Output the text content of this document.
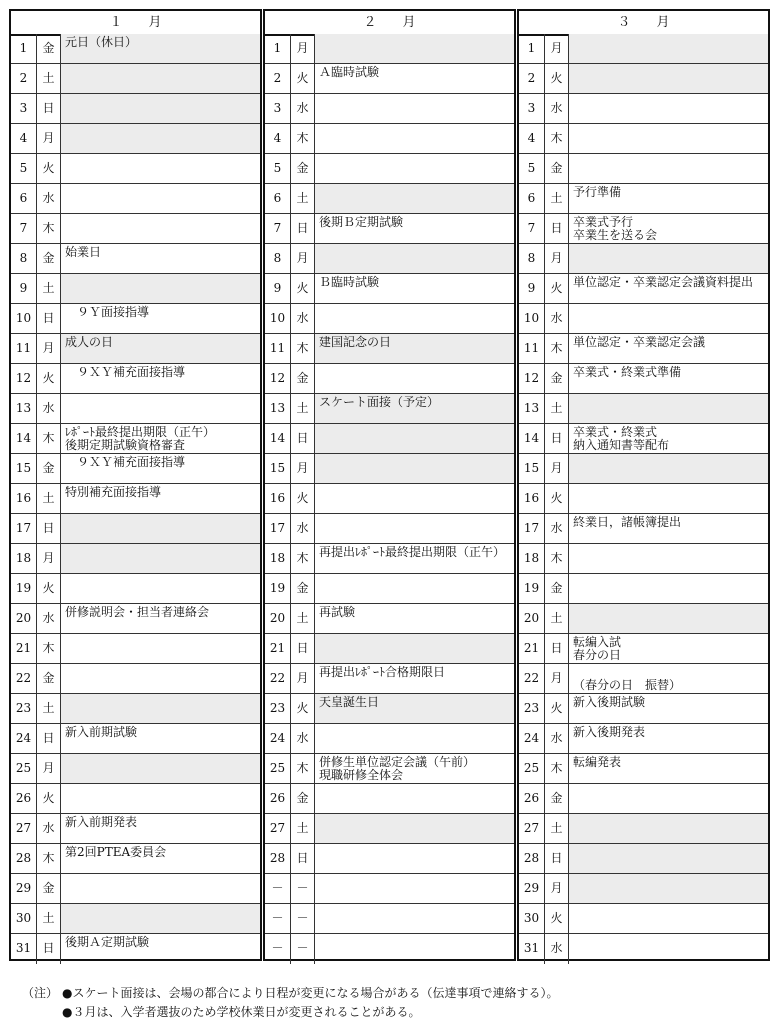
１　　月
1	金 元日（休日）
2	土
3	日
4	月
5	火
6	水
7	木
8	金 始業日
9	土
10 日 　９Ｙ面接指導
11 月 成人の日
12 火 　９ＸＹ補充面接指導
13 水
14 木 ﾚﾎﾟｰﾄ最終提出期限（正午）
後期定期試験資格審査
15 金 　９ＸＹ補充面接指導
16 土 特別補充面接指導
17 日
18 月
19 火
20 水 併修説明会・担当者連絡会
21 木
22 金
23 土
24 日 新入前期試験
25 月
26 火
27 水 新入前期発表
28 木 第2回PTEA委員会
29 金
30 土
31 日 後期Ａ定期試験
２　　月
1	月
2	火 Ａ臨時試験
3	水
4	木
5	金
6	土
7	日 後期Ｂ定期試験
8	月
9	火 Ｂ臨時試験
10 水
11 木 建国記念の日
12 金
13 土 スケート面接（予定）
14 日
15 月
16 火
17 水
18 木 再提出ﾚﾎﾟｰﾄ最終提出期限（正午）
19 金
20 土 再試験
21 日
22 月 再提出ﾚﾎﾟｰﾄ合格期限日
23 火 天皇誕生日
24 水
25 木 併修生単位認定会議（午前）
現職研修全体会
26 金
27 土
28 日
－	－
－	－
－	－
３　　月
1	月
2	火
3	水
4	木
5	金
6	土 予行準備
7	日 卒業式予行
卒業生を送る会
8	月
9	火 単位認定・卒業認定会議資料提出
10 水
11 木 単位認定・卒業認定会議
12 金 卒業式・終業式準備
13 土
14 日 卒業式・終業式
納入通知書等配布
15 月
16 火
17 水 終業日，諸帳簿提出
18 木
19 金
20 土
21 日 転編入試
春分の日
22 月
（春分の日　振替）
23 火 新入後期試験
24 水 新入後期発表
25 木 転編発表
26 金
27 土
28 日
29 月
30 火
31 水
（注） ●スケート面接は、会場の都合により日程が変更になる場合がある（伝達事項で連絡する）。
●３月は、入学者選抜のため学校休業日が変更されることがある。
